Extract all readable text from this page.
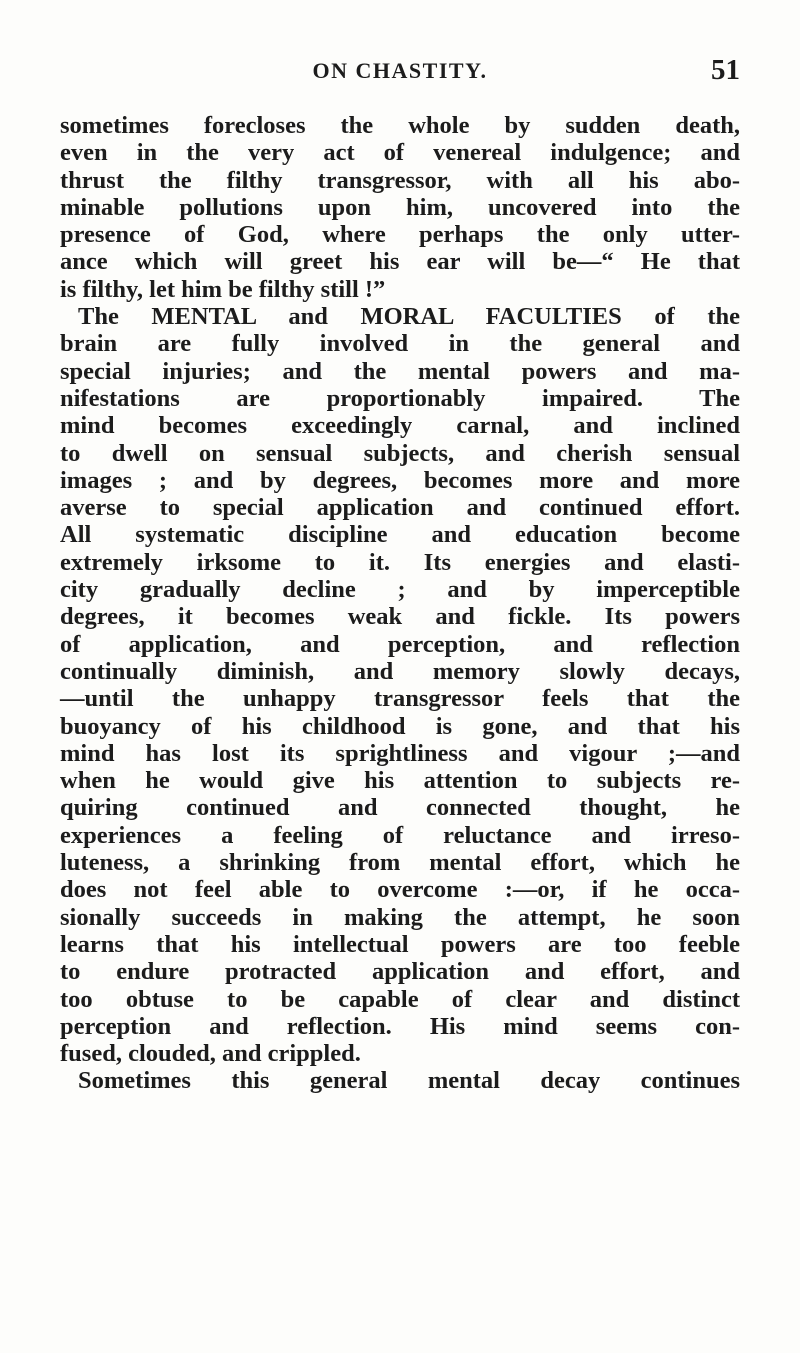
ON CHASTITY.	51
sometimes forecloses the whole by sudden death,
even in the very act of venereal indulgence; and
thrust the filthy transgressor, with all his abo-
minable pollutions upon him, uncovered into the
presence of God, where perhaps the only utter-
ance which will greet his ear will be—“ He that
is filthy, let him be filthy still !”
The MENTAL and MORAL FACULTIES of the
brain are fully involved in the general and
special injuries; and the mental powers and ma-
nifestations are proportionably impaired. The
mind becomes exceedingly carnal, and inclined
to dwell on sensual subjects, and cherish sensual
images ; and by degrees, becomes more and more
averse to special application and continued effort.
All systematic discipline and education become
extremely irksome to it. Its energies and elasti-
city gradually decline ; and by imperceptible
degrees, it becomes weak and fickle. Its powers
of application, and perception, and reflection
continually diminish, and memory slowly decays,
—until the unhappy transgressor feels that the
buoyancy of his childhood is gone, and that his
mind has lost its sprightliness and vigour ;—and
when he would give his attention to subjects re-
quiring continued and connected thought, he
experiences a feeling of reluctance and irreso-
luteness, a shrinking from mental effort, which he
does not feel able to overcome :—or, if he occa-
sionally succeeds in making the attempt, he soon
learns that his intellectual powers are too feeble
to endure protracted application and effort, and
too obtuse to be capable of clear and distinct
perception and reflection. His mind seems con-
fused, clouded, and crippled.
Sometimes this general mental decay continues
